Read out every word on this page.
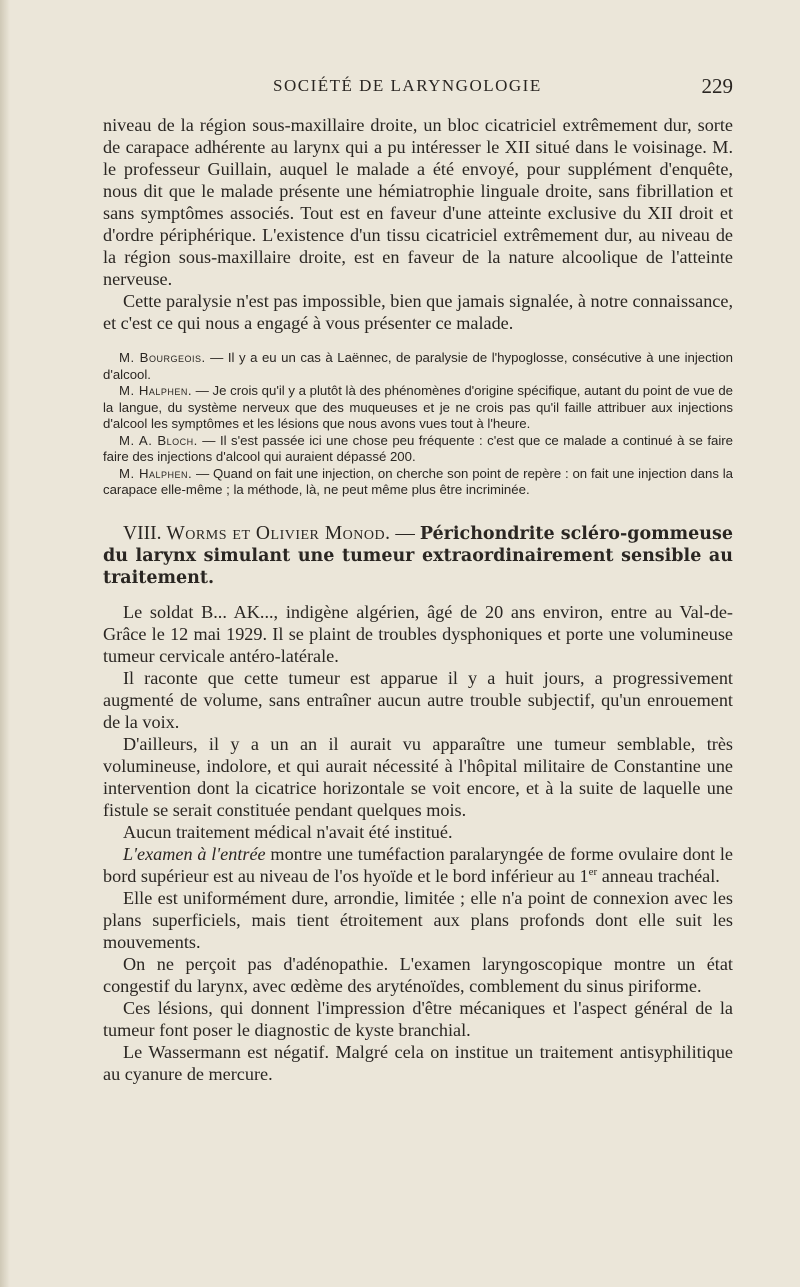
SOCIÉTÉ DE LARYNGOLOGIE	229

niveau de la région sous-maxillaire droite, un bloc cicatriciel extrêmement dur, sorte de carapace adhérente au larynx qui a pu intéresser le XII situé dans le voisinage. M. le professeur Guillain, auquel le malade a été envoyé, pour supplément d'enquête, nous dit que le malade présente une hémiatrophie linguale droite, sans fibrillation et sans symptômes associés. Tout est en faveur d'une atteinte exclusive du XII droit et d'ordre périphérique. L'existence d'un tissu cicatriciel extrêmement dur, au niveau de la région sous-maxillaire droite, est en faveur de la nature alcoolique de l'atteinte nerveuse.

Cette paralysie n'est pas impossible, bien que jamais signalée, à notre connaissance, et c'est ce qui nous a engagé à vous présenter ce malade.

M. Bourgeois. — Il y a eu un cas à Laënnec, de paralysie de l'hypoglosse, consécutive à une injection d'alcool.

M. Halphen. — Je crois qu'il y a plutôt là des phénomènes d'origine spécifique, autant du point de vue de la langue, du système nerveux que des muqueuses et je ne crois pas qu'il faille attribuer aux injections d'alcool les symptômes et les lésions que nous avons vues tout à l'heure.

M. A. Bloch. — Il s'est passée ici une chose peu fréquente : c'est que ce malade a continué à se faire faire des injections d'alcool qui auraient dépassé 200.

M. Halphen. — Quand on fait une injection, on cherche son point de repère : on fait une injection dans la carapace elle-même ; la méthode, là, ne peut même plus être incriminée.

VIII. Worms et Olivier Monod. — Périchondrite scléro-gommeuse du larynx simulant une tumeur extraordinairement sensible au traitement.

Le soldat B... AK..., indigène algérien, âgé de 20 ans environ, entre au Val-de-Grâce le 12 mai 1929. Il se plaint de troubles dysphoniques et porte une volumineuse tumeur cervicale antéro-latérale.

Il raconte que cette tumeur est apparue il y a huit jours, a progressivement augmenté de volume, sans entraîner aucun autre trouble subjectif, qu'un enrouement de la voix.

D'ailleurs, il y a un an il aurait vu apparaître une tumeur semblable, très volumineuse, indolore, et qui aurait nécessité à l'hôpital militaire de Constantine une intervention dont la cicatrice horizontale se voit encore, et à la suite de laquelle une fistule se serait constituée pendant quelques mois.

Aucun traitement médical n'avait été institué.

L'examen à l'entrée montre une tuméfaction paralaryngée de forme ovulaire dont le bord supérieur est au niveau de l'os hyoïde et le bord inférieur au 1er anneau trachéal.

Elle est uniformément dure, arrondie, limitée ; elle n'a point de connexion avec les plans superficiels, mais tient étroitement aux plans profonds dont elle suit les mouvements.

On ne perçoit pas d'adénopathie. L'examen laryngoscopique montre un état congestif du larynx, avec œdème des aryténoïdes, comblement du sinus piriforme.

Ces lésions, qui donnent l'impression d'être mécaniques et l'aspect général de la tumeur font poser le diagnostic de kyste branchial.

Le Wassermann est négatif. Malgré cela on institue un traitement antisyphilitique au cyanure de mercure.
